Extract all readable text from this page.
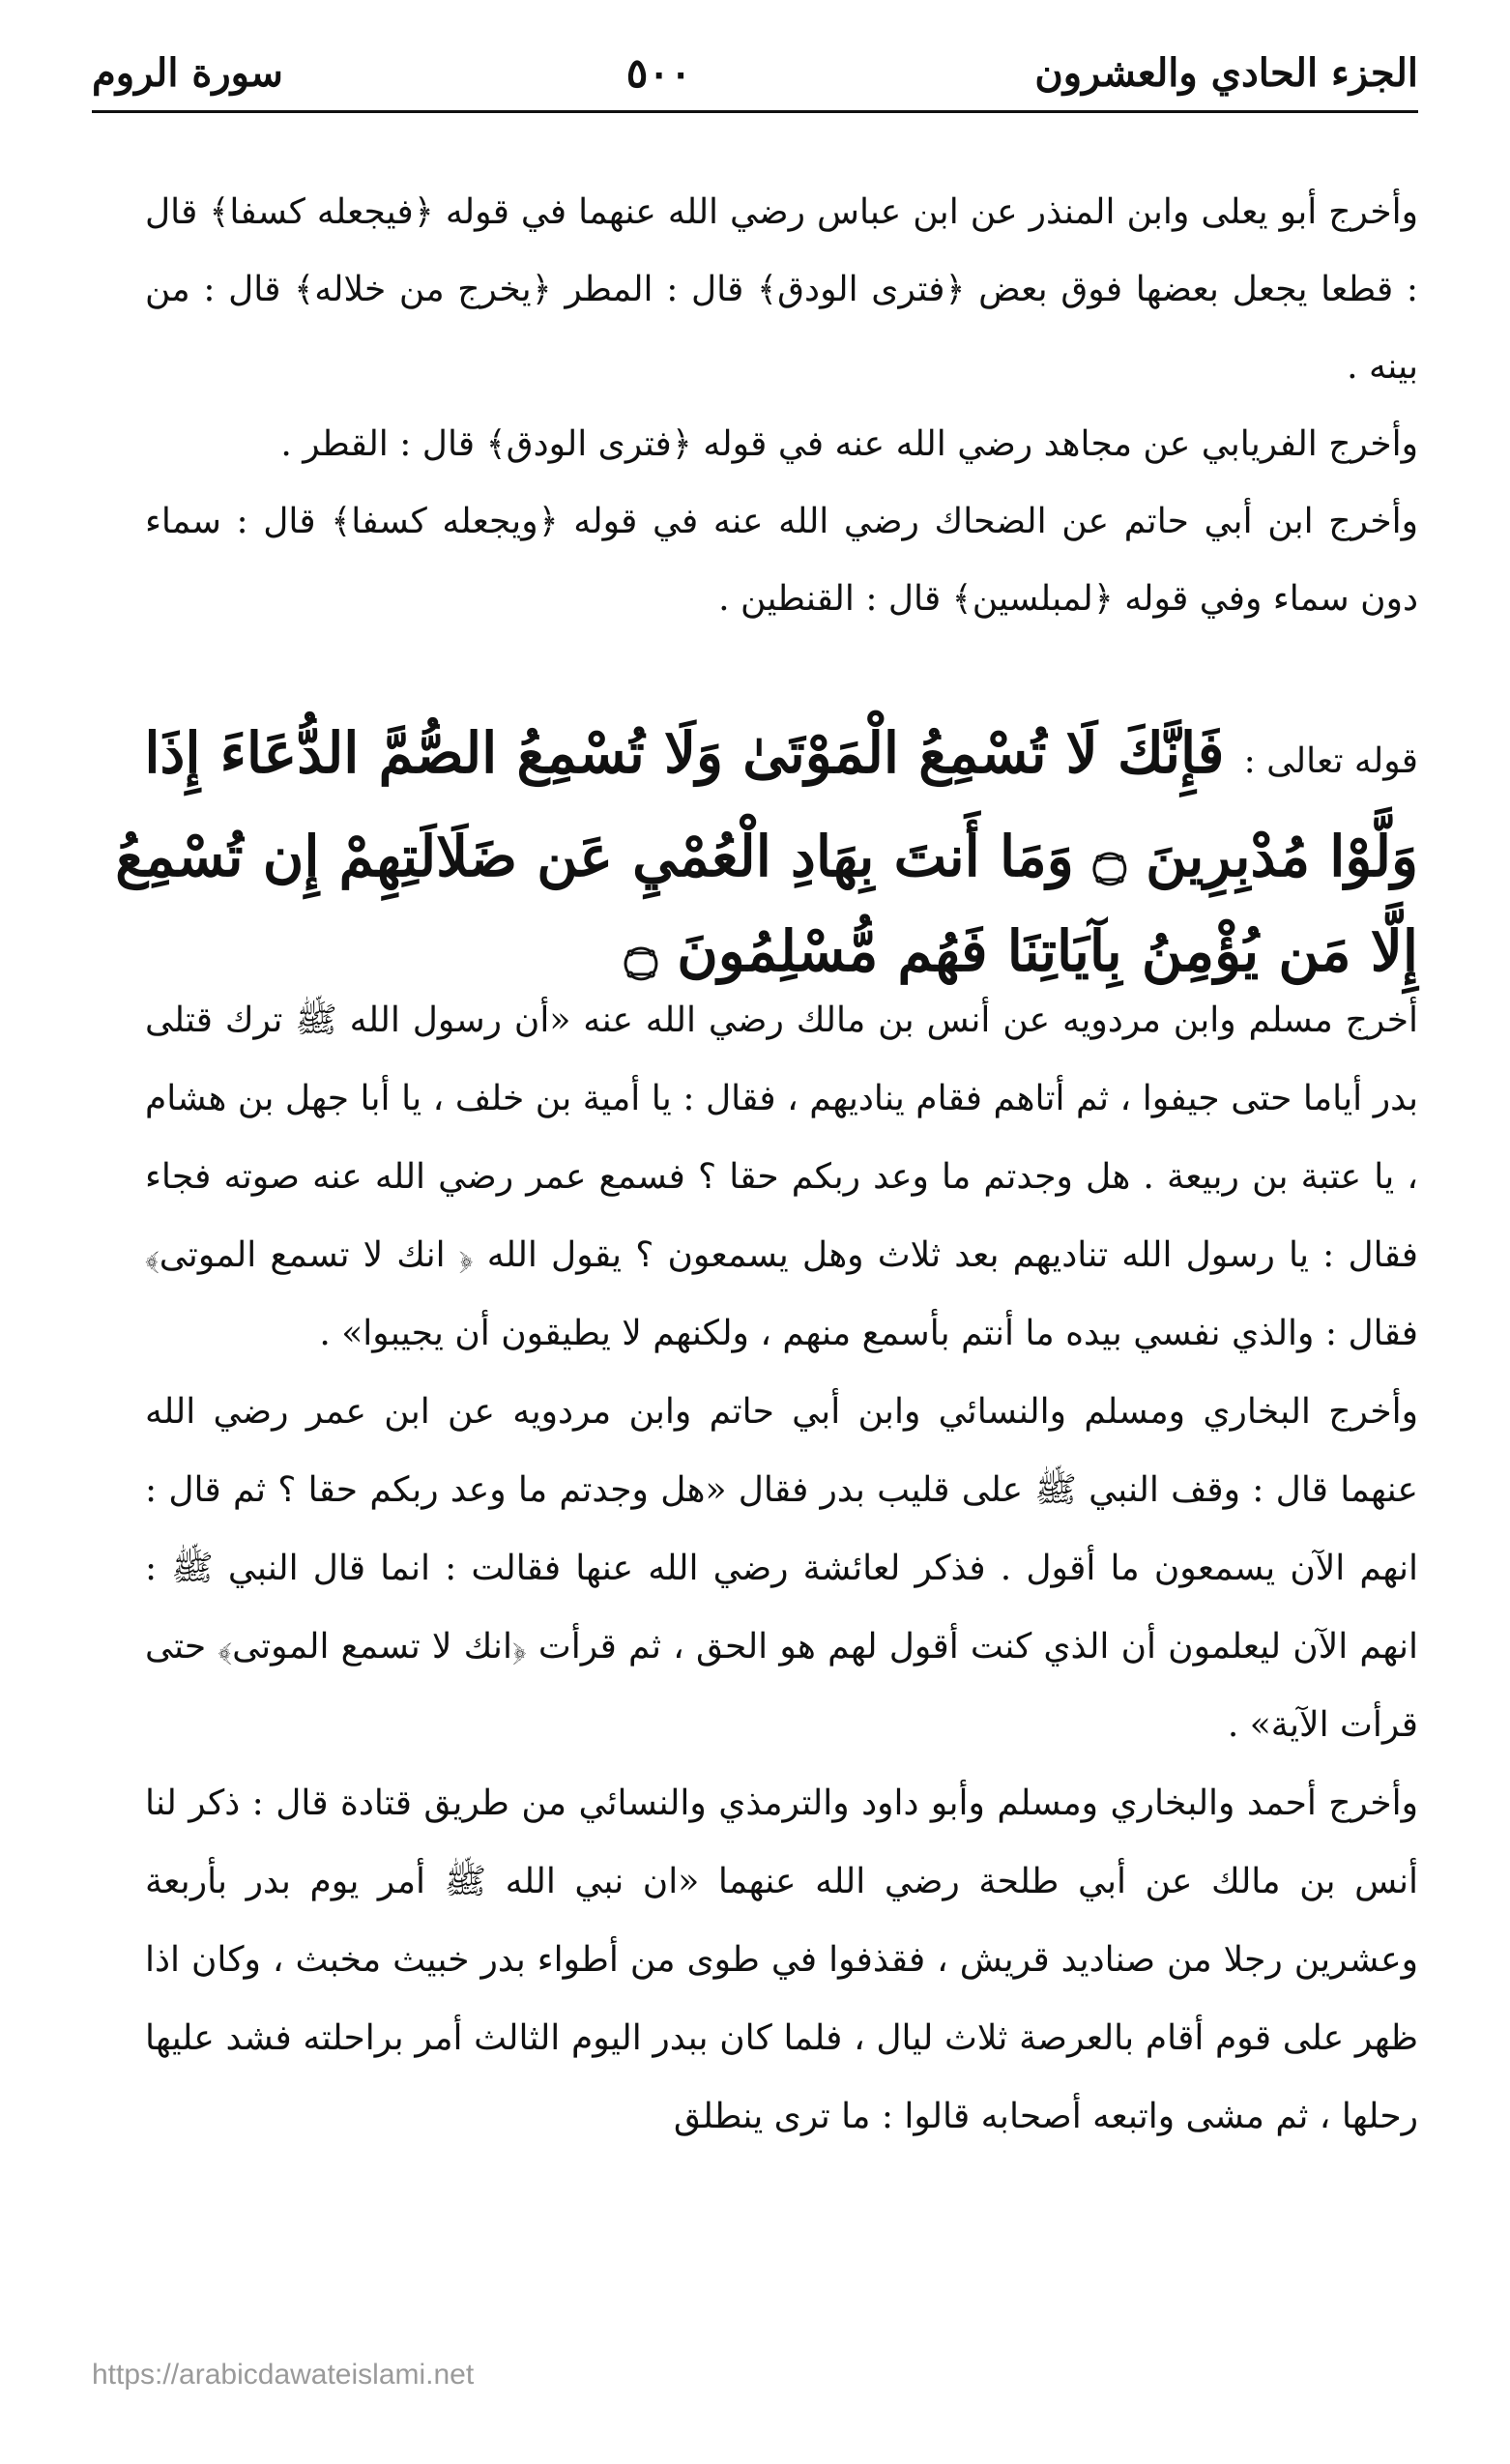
الجزء الحادي والعشرون
٥٠٠
سورة الروم

وأخرج أبو يعلى وابن المنذر عن ابن عباس رضي الله عنهما في قوله ﴿فيجعله كسفا﴾ قال : قطعا يجعل بعضها فوق بعض ﴿فترى الودق﴾ قال : المطر ﴿يخرج من خلاله﴾ قال : من بينه .

وأخرج الفريابي عن مجاهد رضي الله عنه في قوله ﴿فترى الودق﴾ قال : القطر .

وأخرج ابن أبي حاتم عن الضحاك رضي الله عنه في قوله ﴿ويجعله كسفا﴾ قال : سماء دون سماء وفي قوله ﴿لمبلسين﴾ قال : القنطين .

قوله تعالى : فَإِنَّكَ لَا تُسْمِعُ الْمَوْتَىٰ وَلَا تُسْمِعُ الصُّمَّ الدُّعَاءَ إِذَا وَلَّوْا مُدْبِرِينَ ۝ وَمَا أَنتَ بِهَادِ الْعُمْيِ عَن ضَلَالَتِهِمْ إِن تُسْمِعُ إِلَّا مَن يُؤْمِنُ بِآيَاتِنَا فَهُم مُّسْلِمُونَ ۝

أخرج مسلم وابن مردويه عن أنس بن مالك رضي الله عنه «أن رسول الله ﷺ ترك قتلى بدر أياما حتى جيفوا ، ثم أتاهم فقام يناديهم ، فقال : يا أمية بن خلف ، يا أبا جهل بن هشام ، يا عتبة بن ربيعة . هل وجدتم ما وعد ربكم حقا ؟ فسمع عمر رضي الله عنه صوته فجاء فقال : يا رسول الله تناديهم بعد ثلاث وهل يسمعون ؟ يقول الله ﴿ انك لا تسمع الموتى﴾ فقال : والذي نفسي بيده ما أنتم بأسمع منهم ، ولكنهم لا يطيقون أن يجيبوا» .

وأخرج البخاري ومسلم والنسائي وابن أبي حاتم وابن مردويه عن ابن عمر رضي الله عنهما قال : وقف النبي ﷺ على قليب بدر فقال «هل وجدتم ما وعد ربكم حقا ؟ ثم قال : انهم الآن يسمعون ما أقول . فذكر لعائشة رضي الله عنها فقالت : انما قال النبي ﷺ : انهم الآن ليعلمون أن الذي كنت أقول لهم هو الحق ، ثم قرأت ﴿انك لا تسمع الموتى﴾ حتى قرأت الآية» .

وأخرج أحمد والبخاري ومسلم وأبو داود والترمذي والنسائي من طريق قتادة قال : ذكر لنا أنس بن مالك عن أبي طلحة رضي الله عنهما «ان نبي الله ﷺ أمر يوم بدر بأربعة وعشرين رجلا من صناديد قريش ، فقذفوا في طوى من أطواء بدر خبيث مخبث ، وكان اذا ظهر على قوم أقام بالعرصة ثلاث ليال ، فلما كان ببدر اليوم الثالث أمر براحلته فشد عليها رحلها ، ثم مشى واتبعه أصحابه قالوا : ما ترى ينطلق

https://arabicdawateislami.net
